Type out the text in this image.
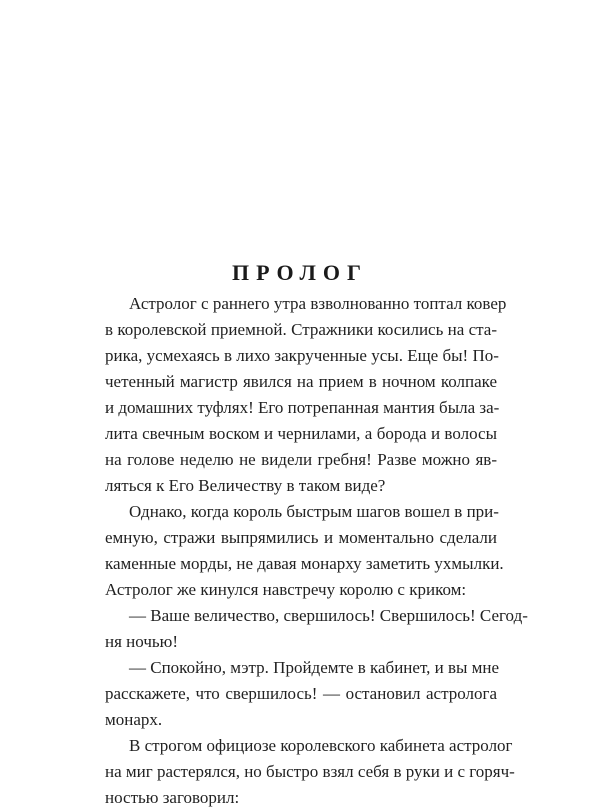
ПРОЛОГ
Астролог с раннего утра взволнованно топтал ковер
в королевской приемной. Стражники косились на ста-
рика, усмехаясь в лихо закрученные усы. Еще бы! По-
четенный магистр явился на прием в ночном колпаке
и домашних туфлях! Его потрепанная мантия была за-
лита свечным воском и чернилами, а борода и волосы
на голове неделю не видели гребня! Разве можно яв-
ляться к Его Величеству в таком виде?
Однако, когда король быстрым шагов вошел в при-
емную, стражи выпрямились и моментально сделали
каменные морды, не давая монарху заметить ухмылки.
Астролог же кинулся навстречу королю с криком:
— Ваше величество, свершилось! Свершилось! Сегод-
ня ночью!
— Спокойно, мэтр. Пройдемте в кабинет, и вы мне
расскажете, что свершилось! — остановил астролога
монарх.
В строгом официозе королевского кабинета астролог
на миг растерялся, но быстро взял себя в руки и с горяч-
ностью заговорил:
